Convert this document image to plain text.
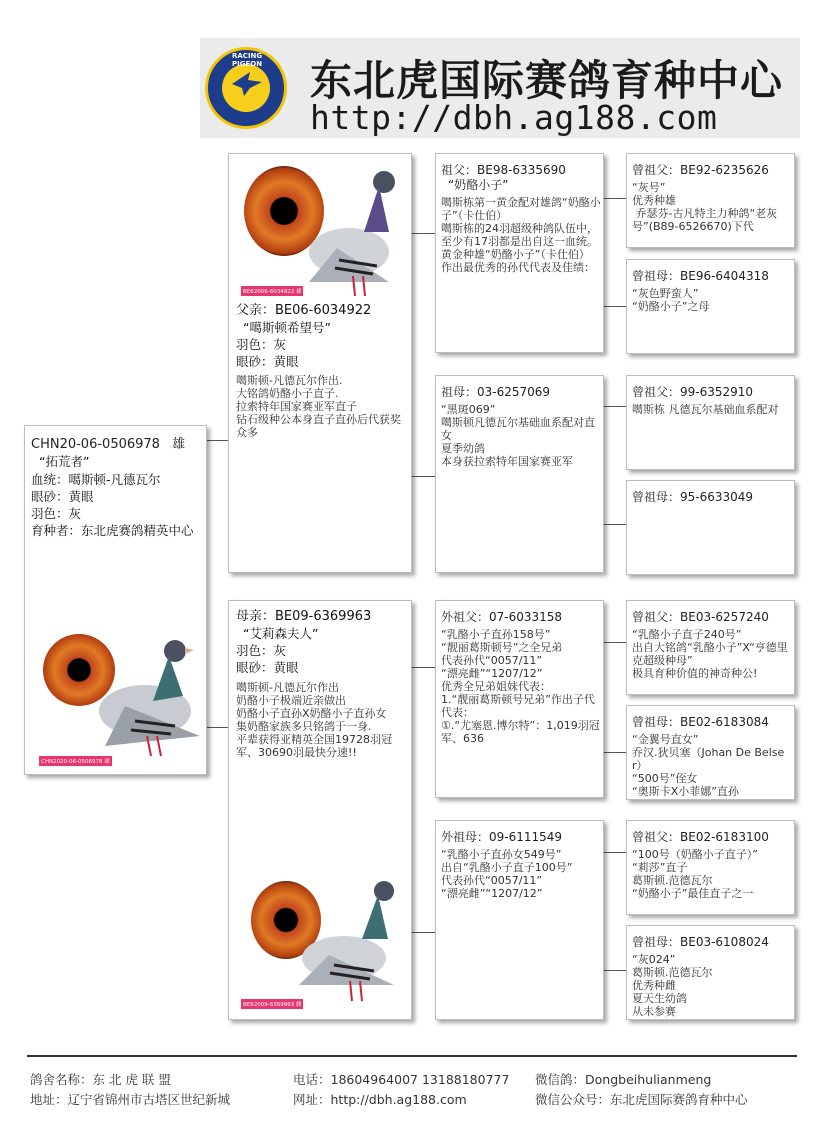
RACING PIGEON	东北虎国际赛鸽育种中心
http://dbh.ag188.com
CHN20-06-0506978 雄
“拓荒者”
血统：噶斯顿-凡德瓦尔
眼砂：黄眼
羽色：灰
育种者：东北虎赛鸽精英中心
CHN2020-06-0506978 雄
BE62006-6034922 雄
父亲：BE06-6034922
“噶斯顿希望号”
羽色：灰
眼砂：黄眼
噶斯顿-凡德瓦尔作出.
大铭鸽奶酪小子直子.
拉索特年国家赛亚军直子
钻石级种公本身直子直孙后代获奖众多
母亲：BE09-6369963
“艾莉森夫人”
羽色：灰
眼砂：黄眼
噶斯顿-凡德瓦尔作出
奶酪小子极端近亲做出
奶酪小子直孙X奶酪小子直孙女
集奶酪家族多只铭鸽于一身.
平辈获得亚精英全国19728羽冠军、30690羽最快分速!!
BE62009-6369963 雌
祖父：BE98-6335690
“奶酪小子”
噶斯栋第一黄金配对雄鸽“奶酪小子”（卡仕伯）
噶斯栋的24羽超级种鸽队伍中，至少有17羽都是出自这一血统。
黄金种雄“奶酪小子”（卡仕伯）
作出最优秀的孙代代表及佳绩：
祖母：03-6257069
“黑斑069”
噶斯顿凡德瓦尔基础血系配对直女
夏季幼鸽
本身获拉索特年国家赛亚军
外祖父：07-6033158
“乳酪小子直孙158号”
“靓丽葛斯顿号”之全兄弟
代表孙代“0057/11”
“漂亮雌”“1207/12”
优秀全兄弟姐妹代表：
1.“靓丽葛斯顿号兄弟”作出子代代表：
①.“尤塞恩.博尔特”：1,019羽冠军、636
外祖母：09-6111549
“乳酪小子直孙女549号”
出自“乳酪小子直子100号”
代表孙代“0057/11”
“漂亮雌”“1207/12”
曾祖父：BE92-6235626
“灰号”
优秀种雄
乔瑟芬-古凡特主力种鸽“老灰号”(B89-6526670)下代
曾祖母：BE96-6404318
“灰色野蛮人”
“奶酪小子”之母
曾祖父：99-6352910
噶斯栋 凡德瓦尔基础血系配对
曾祖母：95-6633049
曾祖父：BE03-6257240
“乳酪小子直子240号”
出自大铭鸽“乳酪小子”X“亨德里克超级种母”
极具育种价值的神奇种公!
曾祖母：BE02-6183084
“金翼号直女”
乔汉.狄贝塞（Johan De Belser）
“500号”侄女
“奥斯卡X小菲娜”直孙
曾祖父：BE02-6183100
“100号（奶酪小子直子）”
“莉莎”直子
葛斯顿.范德瓦尔
“奶酪小子”最佳直子之一
曾祖母：BE03-6108024
“灰024”
葛斯顿.范德瓦尔
优秀种雌
夏天生幼鸽
从未参赛
鸽舍名称：东 北 虎 联 盟	电话：18604964007 13188180777 微信鸽：Dongbeihulianmeng
地址：辽宁省锦州市古塔区世纪新城	网址：http://dbh.ag188.com	微信公众号：东北虎国际赛鸽育种中心
